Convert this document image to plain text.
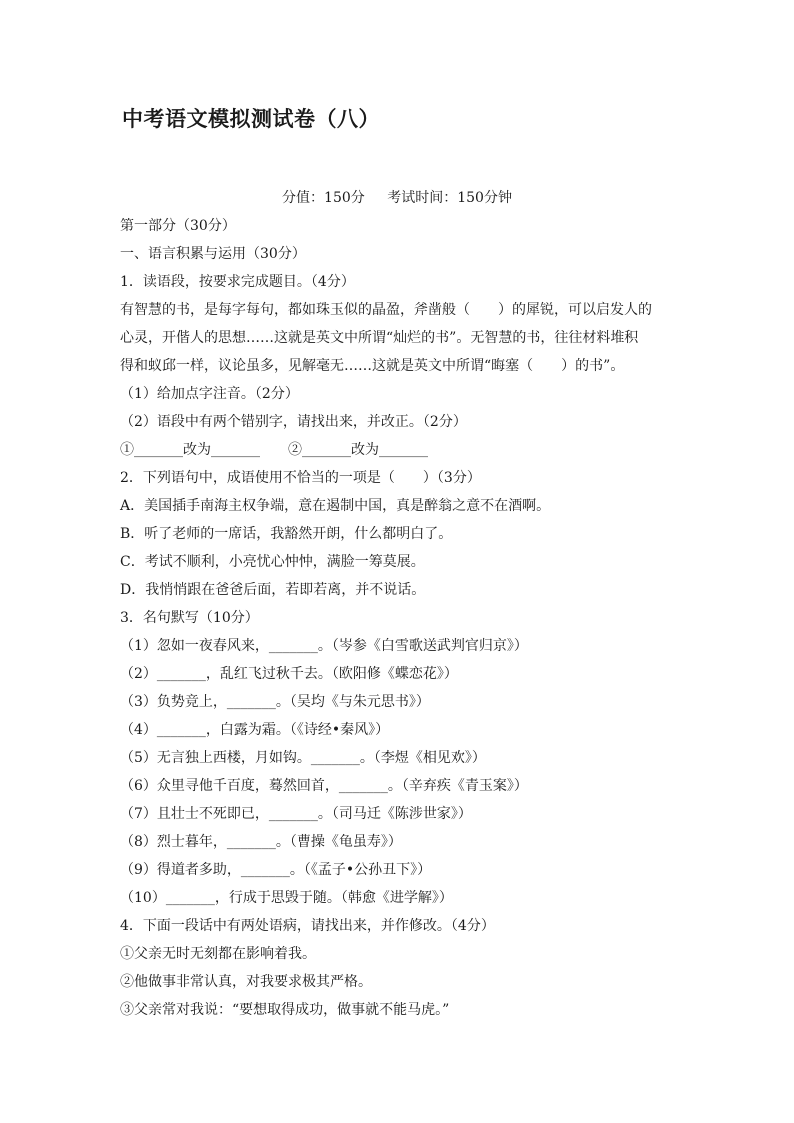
中考语文模拟测试卷（八）
分值：150分 考试时间：150分钟
第一部分（30分）
一、语言积累与运用（30分）
1．读语段，按要求完成题目。（4分）
有智慧的书，是每字每句，都如珠玉似的晶盈，斧凿般（　　）的犀锐，可以启发人的
心灵，开偕人的思想……这就是英文中所谓“灿烂的书”。无智慧的书，往往材料堆积
得和蚁邱一样，议论虽多，见解毫无……这就是英文中所谓“晦塞（　　）的书”。
（1）给加点字注音。（2分）
（2）语段中有两个错别字，请找出来，并改正。（2分）
①_______改为_______　　②_______改为_______
2．下列语句中，成语使用不恰当的一项是（　　）（3分）
A．美国插手南海主权争端，意在遏制中国，真是醉翁之意不在酒啊。
B．听了老师的一席话，我豁然开朗，什么都明白了。
C．考试不顺利，小亮忧心忡忡，满脸一筹莫展。
D．我悄悄跟在爸爸后面，若即若离，并不说话。
3．名句默写（10分）
（1）忽如一夜春风来，_______。（岑参《白雪歌送武判官归京》）
（2）_______，乱红飞过秋千去。（欧阳修《蝶恋花》）
（3）负势竞上，_______。（吴均《与朱元思书》）
（4）_______，白露为霜。（《诗经•秦风》）
（5）无言独上西楼，月如钩。_______。（李煜《相见欢》）
（6）众里寻他千百度，蓦然回首，_______。（辛弃疾《青玉案》）
（7）且壮士不死即已，_______。（司马迁《陈涉世家》）
（8）烈士暮年，_______。（曹操《龟虽寿》）
（9）得道者多助，_______。（《孟子•公孙丑下》）
（10）_______，行成于思毁于随。（韩愈《进学解》）
4．下面一段话中有两处语病，请找出来，并作修改。（4分）
①父亲无时无刻都在影响着我。
②他做事非常认真，对我要求极其严格。
③父亲常对我说：“要想取得成功，做事就不能马虎。”
